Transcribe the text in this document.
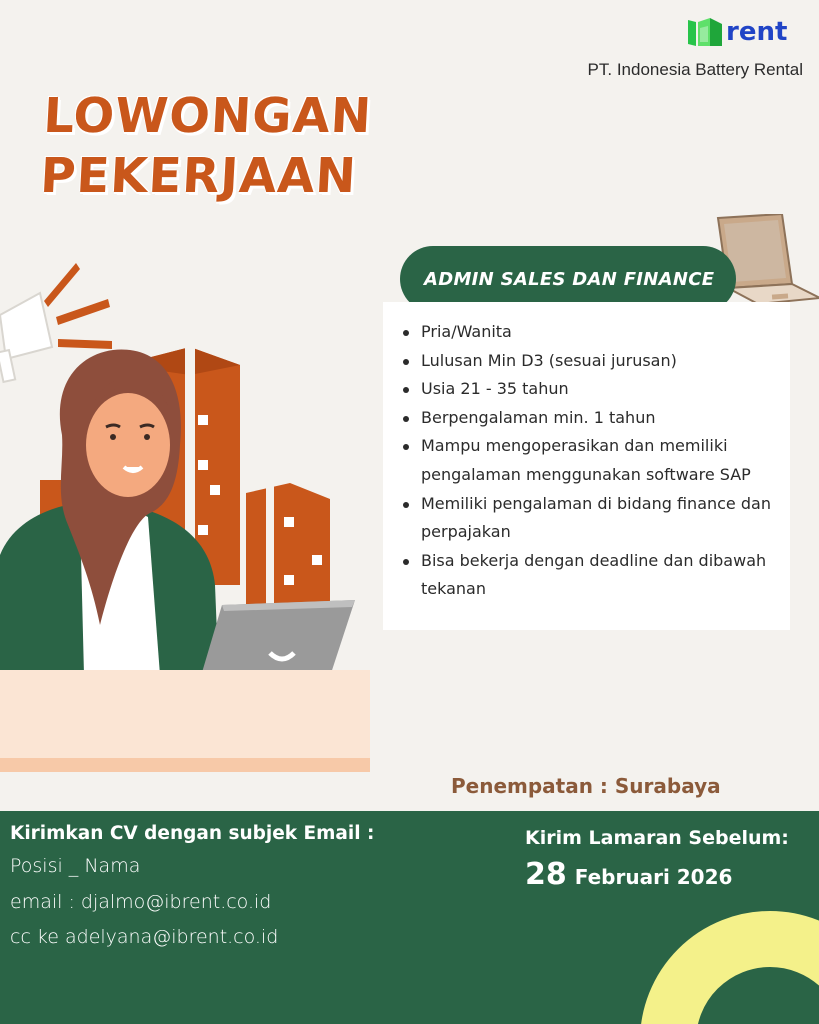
rent
PT. Indonesia Battery Rental
LOWONGAN
PEKERJAAN
ADMIN SALES DAN FINANCE
Pria/Wanita
Lulusan Min D3 (sesuai jurusan)
Usia 21 - 35 tahun
Berpengalaman min. 1 tahun
Mampu mengoperasikan dan memiliki pengalaman menggunakan software SAP
Memiliki pengalaman di bidang finance dan perpajakan
Bisa bekerja dengan deadline dan dibawah tekanan
Penempatan : Surabaya
Kirimkan CV dengan subjek Email :
Posisi _ Nama
email : djalmo@ibrent.co.id
cc ke adelyana@ibrent.co.id
Kirim Lamaran Sebelum:
28 Februari 2026
